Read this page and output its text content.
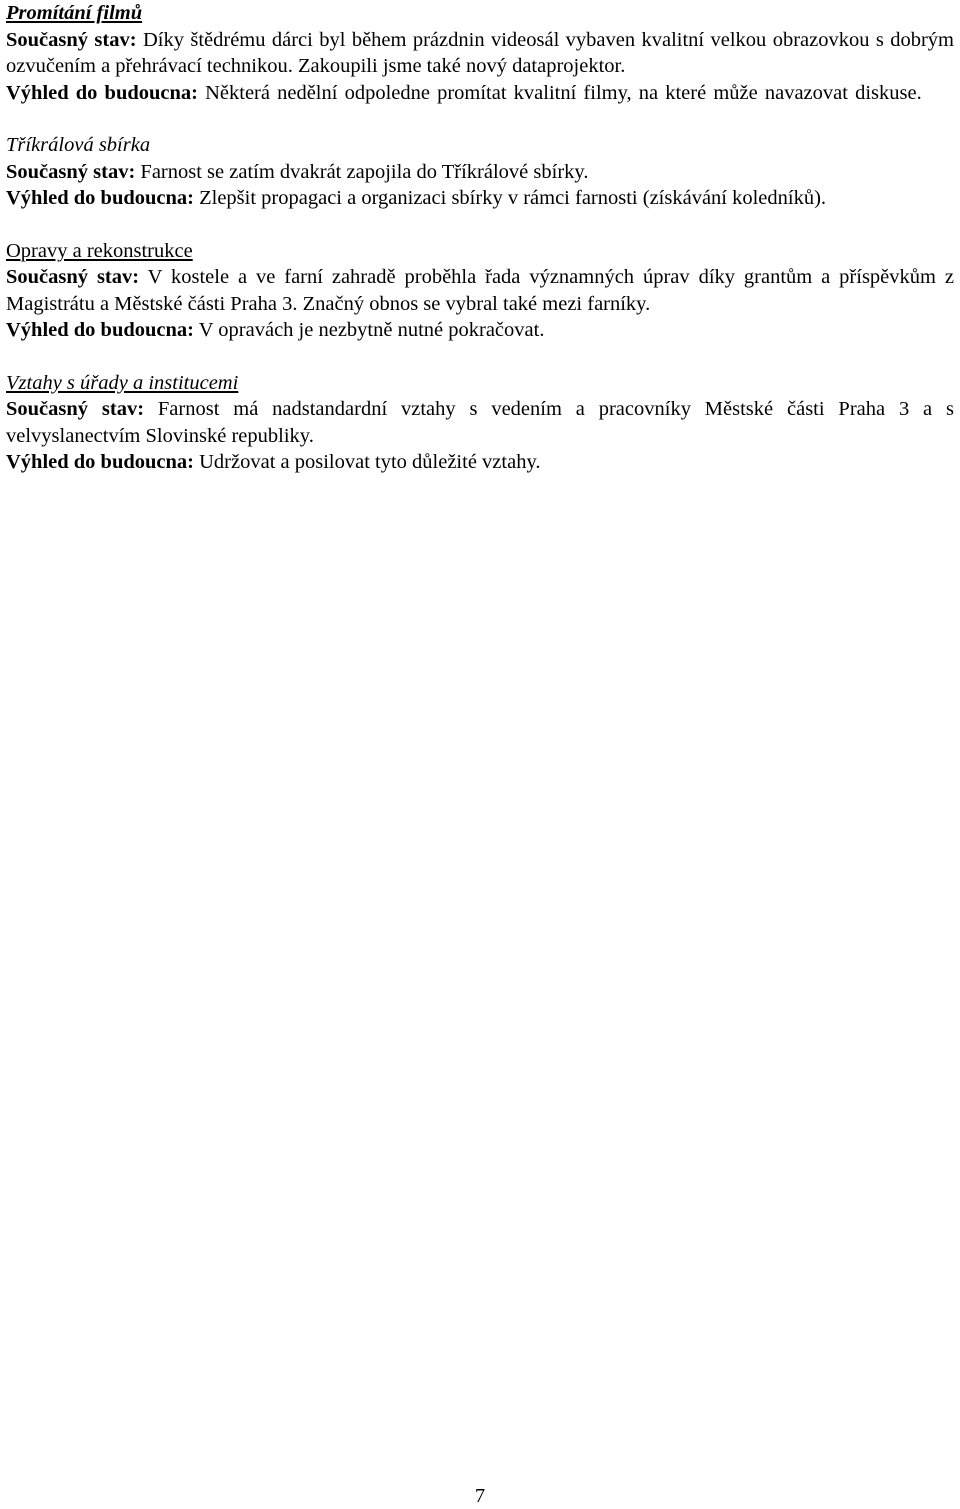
Promítání filmů

Současný stav: Díky štědrému dárci byl během prázdnin videosál vybaven kvalitní velkou obrazovkou s dobrým ozvučením a přehrávací technikou. Zakoupili jsme také nový dataprojektor.

Výhled do budoucna: Některá nedělní odpoledne promítat kvalitní filmy, na které může navazovat diskuse.

Tříkrálová sbírka

Současný stav: Farnost se zatím dvakrát zapojila do Tříkrálové sbírky.

Výhled do budoucna: Zlepšit propagaci a organizaci sbírky v rámci farnosti (získávání koledníků).

Opravy a rekonstrukce

Současný stav: V kostele a ve farní zahradě proběhla řada významných úprav díky grantům a příspěvkům z Magistrátu a Městské části Praha 3. Značný obnos se vybral také mezi farníky.

Výhled do budoucna: V opravách je nezbytně nutné pokračovat.

Vztahy s úřady a institucemi

Současný stav: Farnost má nadstandardní vztahy s vedením a pracovníky Městské části Praha 3 a s velvyslanectvím Slovinské republiky.

Výhled do budoucna: Udržovat a posilovat tyto důležité vztahy.

7
